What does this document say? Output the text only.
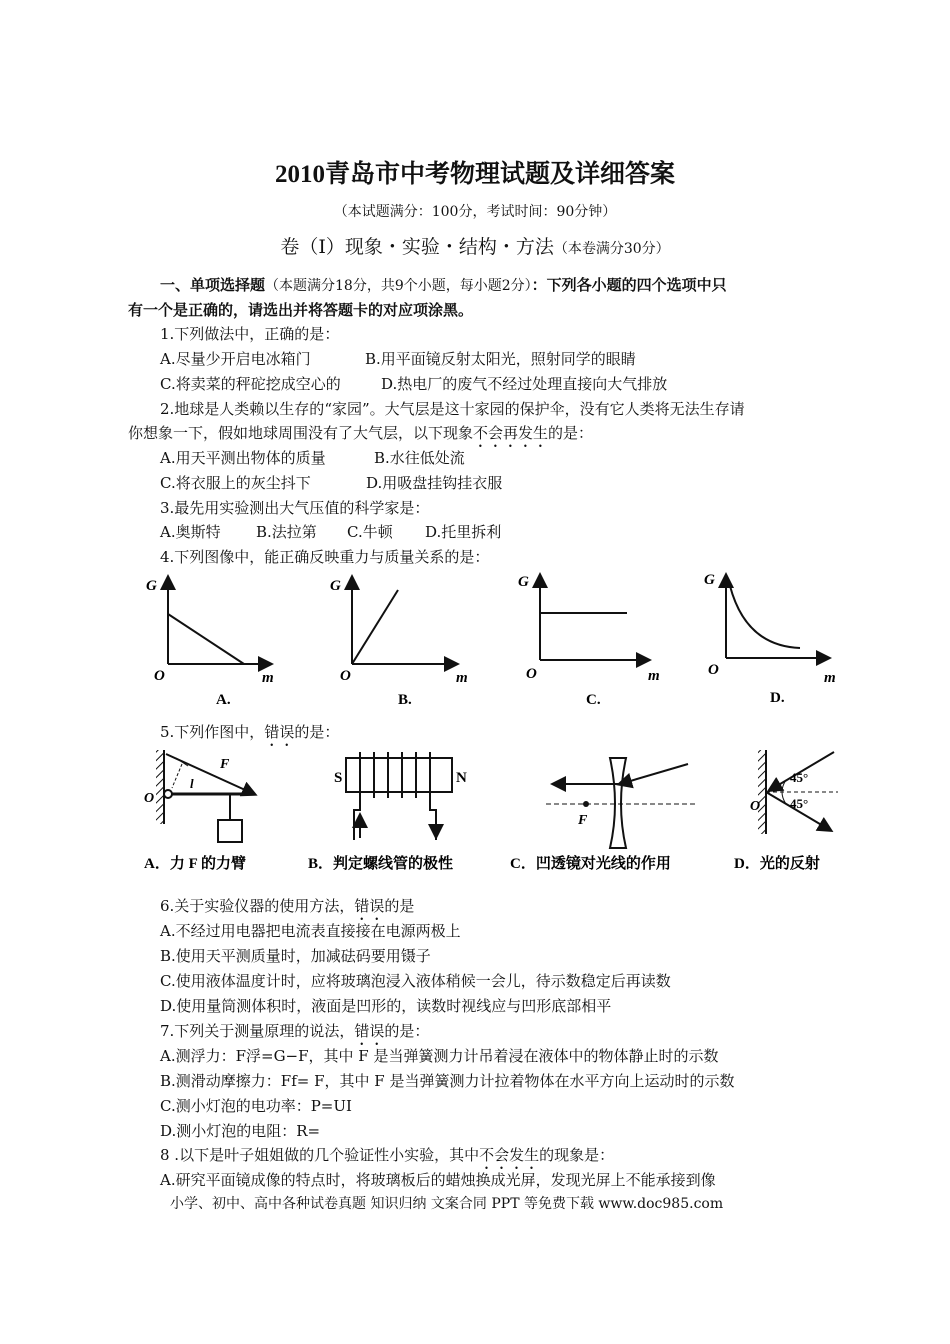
2010青岛市中考物理试题及详细答案
（本试题满分：100分，考试时间：90分钟）
卷（I）现象・实验・结构・方法（本卷满分30分）
一、单项选择题（本题满分18分，共9个小题，每小题2分）：下列各小题的四个选项中只
有一个是正确的，请选出并将答题卡的对应项涂黑。
1.下列做法中，正确的是：
A.尽量少开启电冰箱门	B.用平面镜反射太阳光，照射同学的眼睛
C.将卖菜的秤砣挖成空心的	D.热电厂的废气不经过处理直接向大气排放
2.地球是人类赖以生存的“家园”。大气层是这十家园的保护伞，没有它人类将无法生存请
你想象一下，假如地球周围没有了大气层，以下现象不会再发生的是：
A.用天平测出物体的质量	B.水往低处流
C.将衣服上的灰尘抖下	D.用吸盘挂钩挂衣服
3.最先用实验测出大气压值的科学家是：
A.奥斯特 B.法拉第 C.牛顿 D.托里拆利
4.下列图像中，能正确反映重力与质量关系的是：
G
O	m
A.
G
O	m
B.
G
O	m
C.
G
O	m
D.
5.下列作图中，错误的是：
F
l
O
A．力 F 的力臂
S	N
B．判定螺线管的极性
F
C．凹透镜对光线的作用
45°
45°
O
D．光的反射
6.关于实验仪器的使用方法，错误的是
A.不经过用电器把电流表直接接在电源两极上
B.使用天平测质量时，加减砝码要用镊子
C.使用液体温度计时，应将玻璃泡浸入液体稍候一会儿，待示数稳定后再读数
D.使用量筒测体积时，液面是凹形的，读数时视线应与凹形底部相平
7.下列关于测量原理的说法，错误的是：
A.测浮力：F浮=G−F，其中 F 是当弹簧测力计吊着浸在液体中的物体静止时的示数
B.测滑动摩擦力：Ff= F，其中 F 是当弹簧测力计拉着物体在水平方向上运动时的示数
C.测小灯泡的电功率：P=UI
D.测小灯泡的电阻：R=
8 .以下是叶子姐姐做的几个验证性小实验，其中不会发生的现象是：
A.研究平面镜成像的特点时，将玻璃板后的蜡烛换成光屏，发现光屏上不能承接到像
小学、初中、高中各种试卷真题 知识归纳 文案合同 PPT 等免费下载 www.doc985.com
